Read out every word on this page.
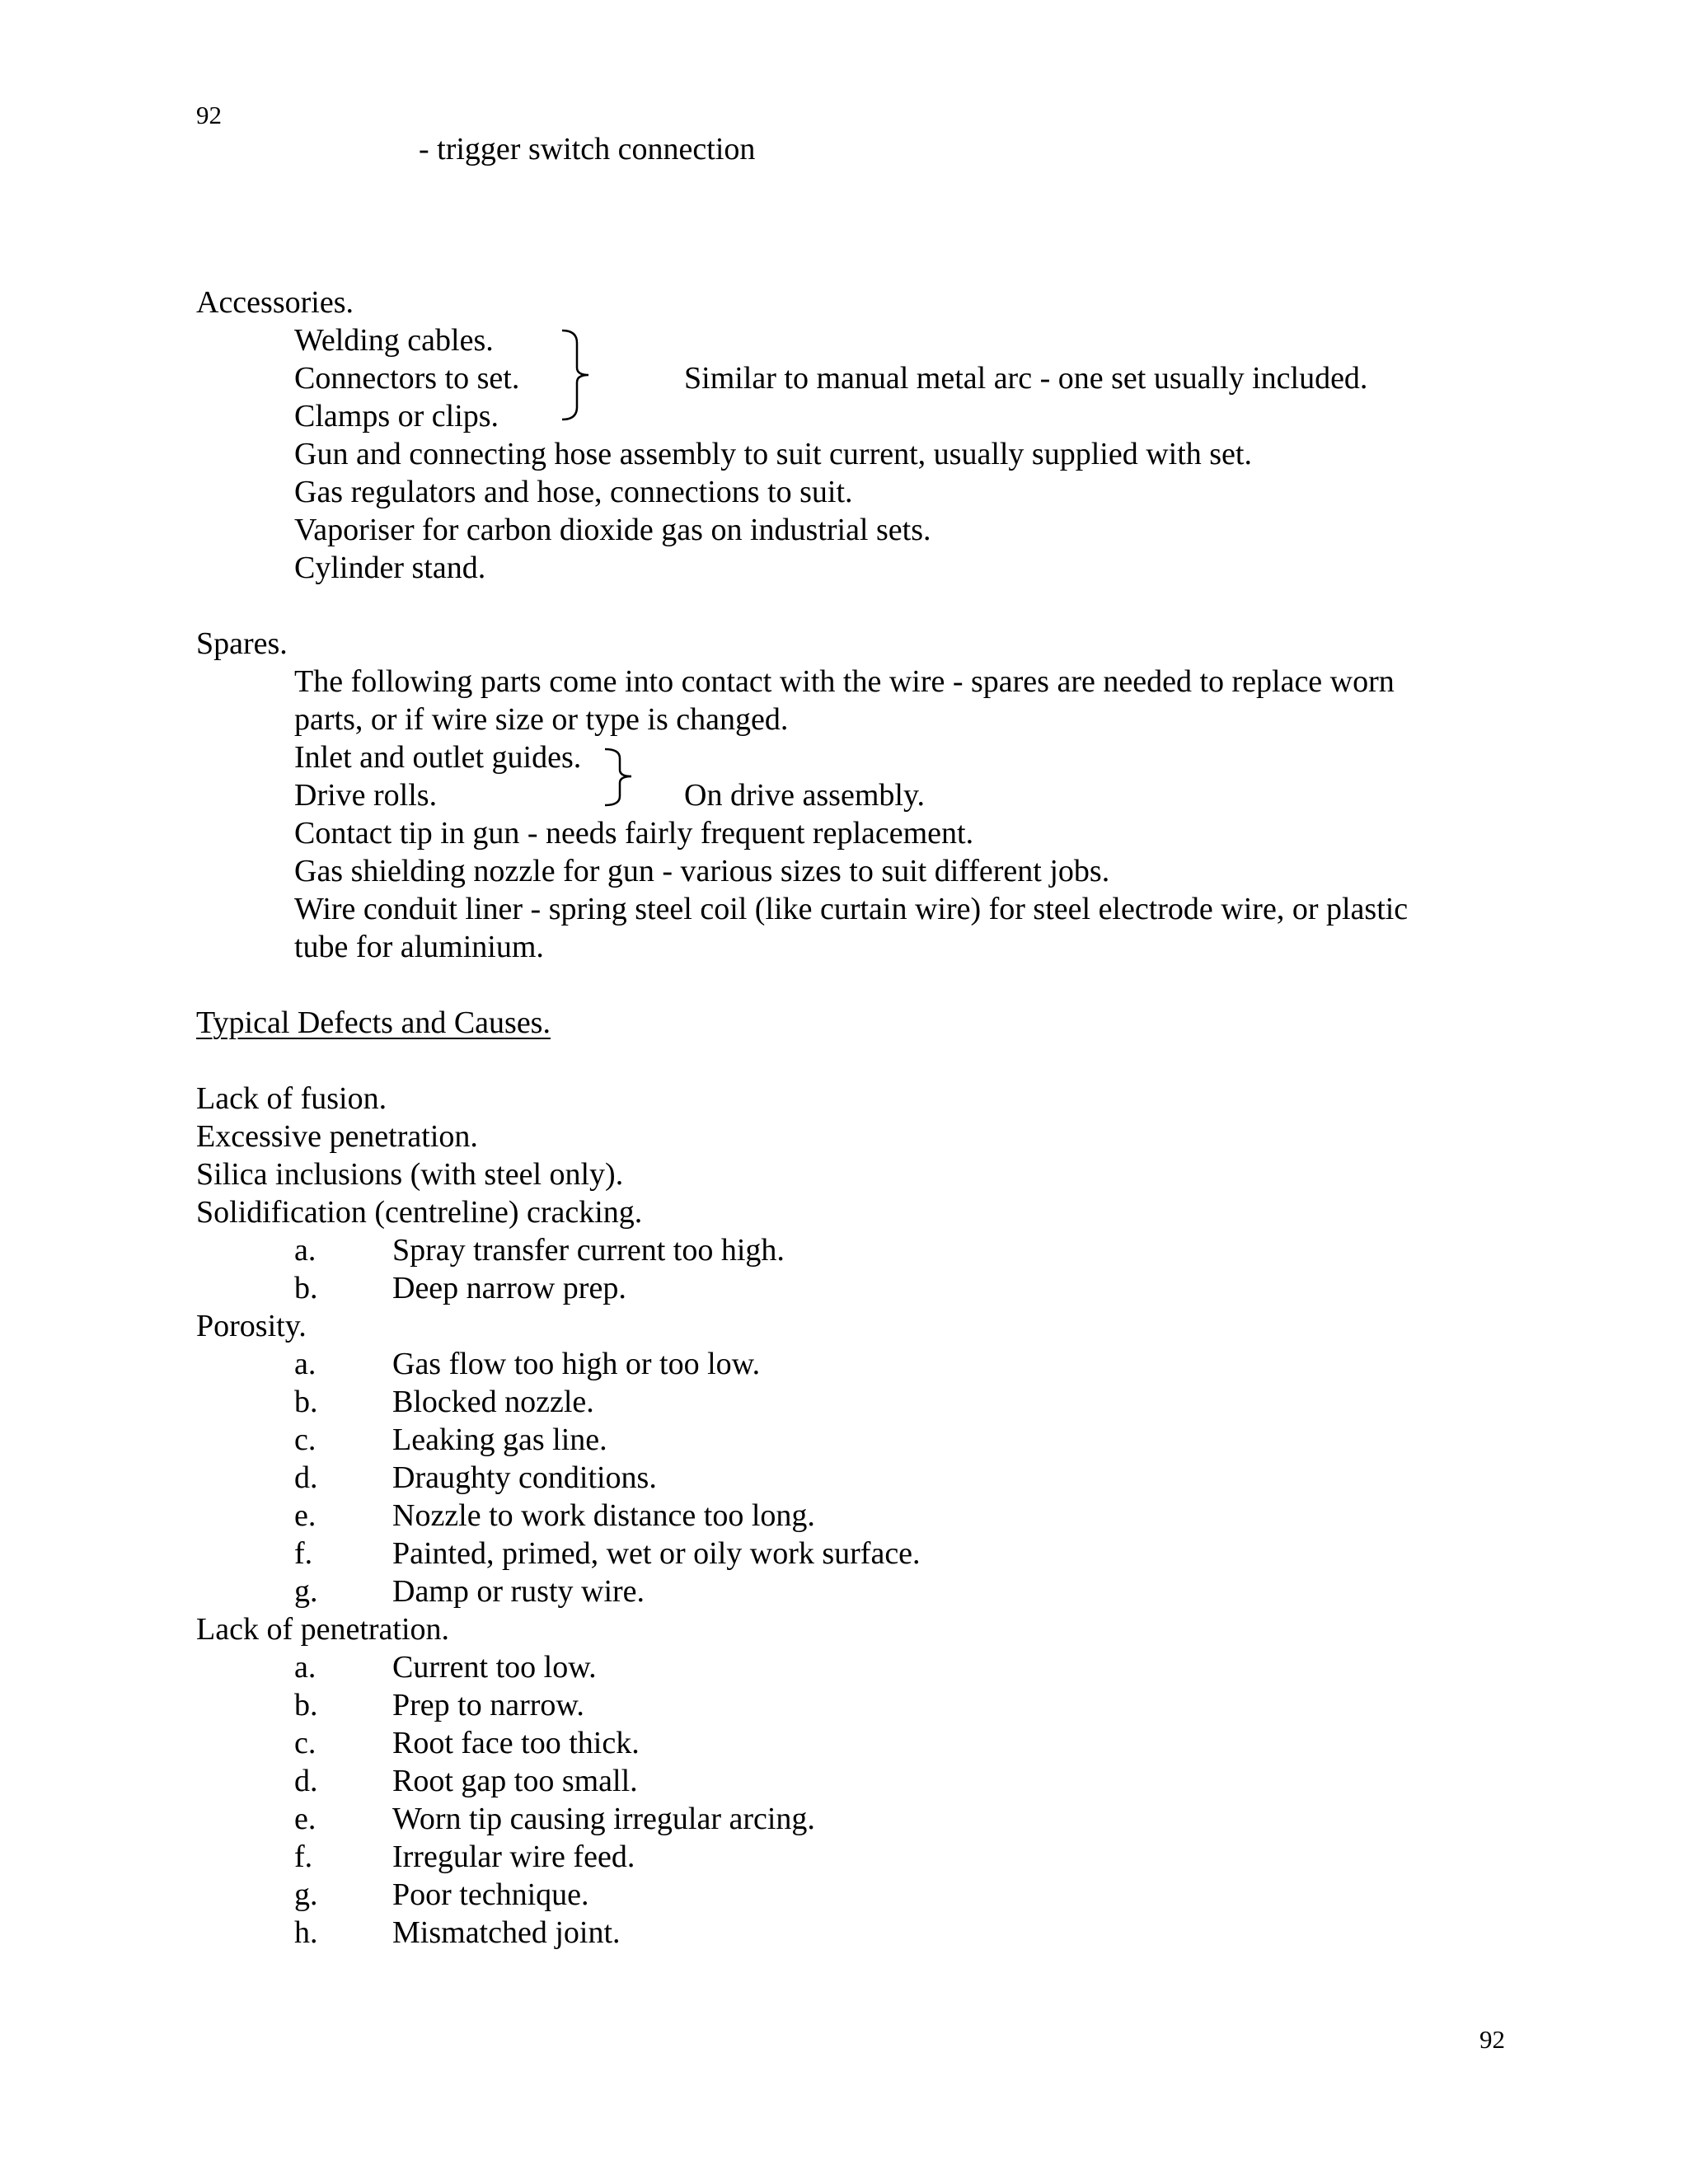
92
- trigger switch connection
Accessories.
Welding cables.
Connectors to set.
Clamps or clips.
Similar to manual metal arc - one set usually included.
Gun and connecting hose assembly to suit current, usually supplied with set.
Gas regulators and hose, connections to suit.
Vaporiser for carbon dioxide gas on industrial sets.
Cylinder stand.
Spares.
The following parts come into contact with the wire - spares are needed to replace worn
parts, or if wire size or type is changed.
Inlet and outlet guides.
Drive rolls.	On drive assembly.
Contact tip in gun - needs fairly frequent replacement.
Gas shielding nozzle for gun - various sizes to suit different jobs.
Wire conduit liner - spring steel coil (like curtain wire) for steel electrode wire, or plastic
tube for aluminium.
Typical Defects and Causes.
Lack of fusion.
Excessive penetration.
Silica inclusions (with steel only).
Solidification (centreline) cracking.
a. Spray transfer current too high.
b. Deep narrow prep.
Porosity.
a. Gas flow too high or too low.
b. Blocked nozzle.
c. Leaking gas line.
d. Draughty conditions.
e. Nozzle to work distance too long.
f.	Painted, primed, wet or oily work surface.
g. Damp or rusty wire.
Lack of penetration.
a. Current too low.
b. Prep to narrow.
c. Root face too thick.
d. Root gap too small.
e. Worn tip causing irregular arcing.
f.	Irregular wire feed.
g. Poor technique.
h. Mismatched joint.
92
